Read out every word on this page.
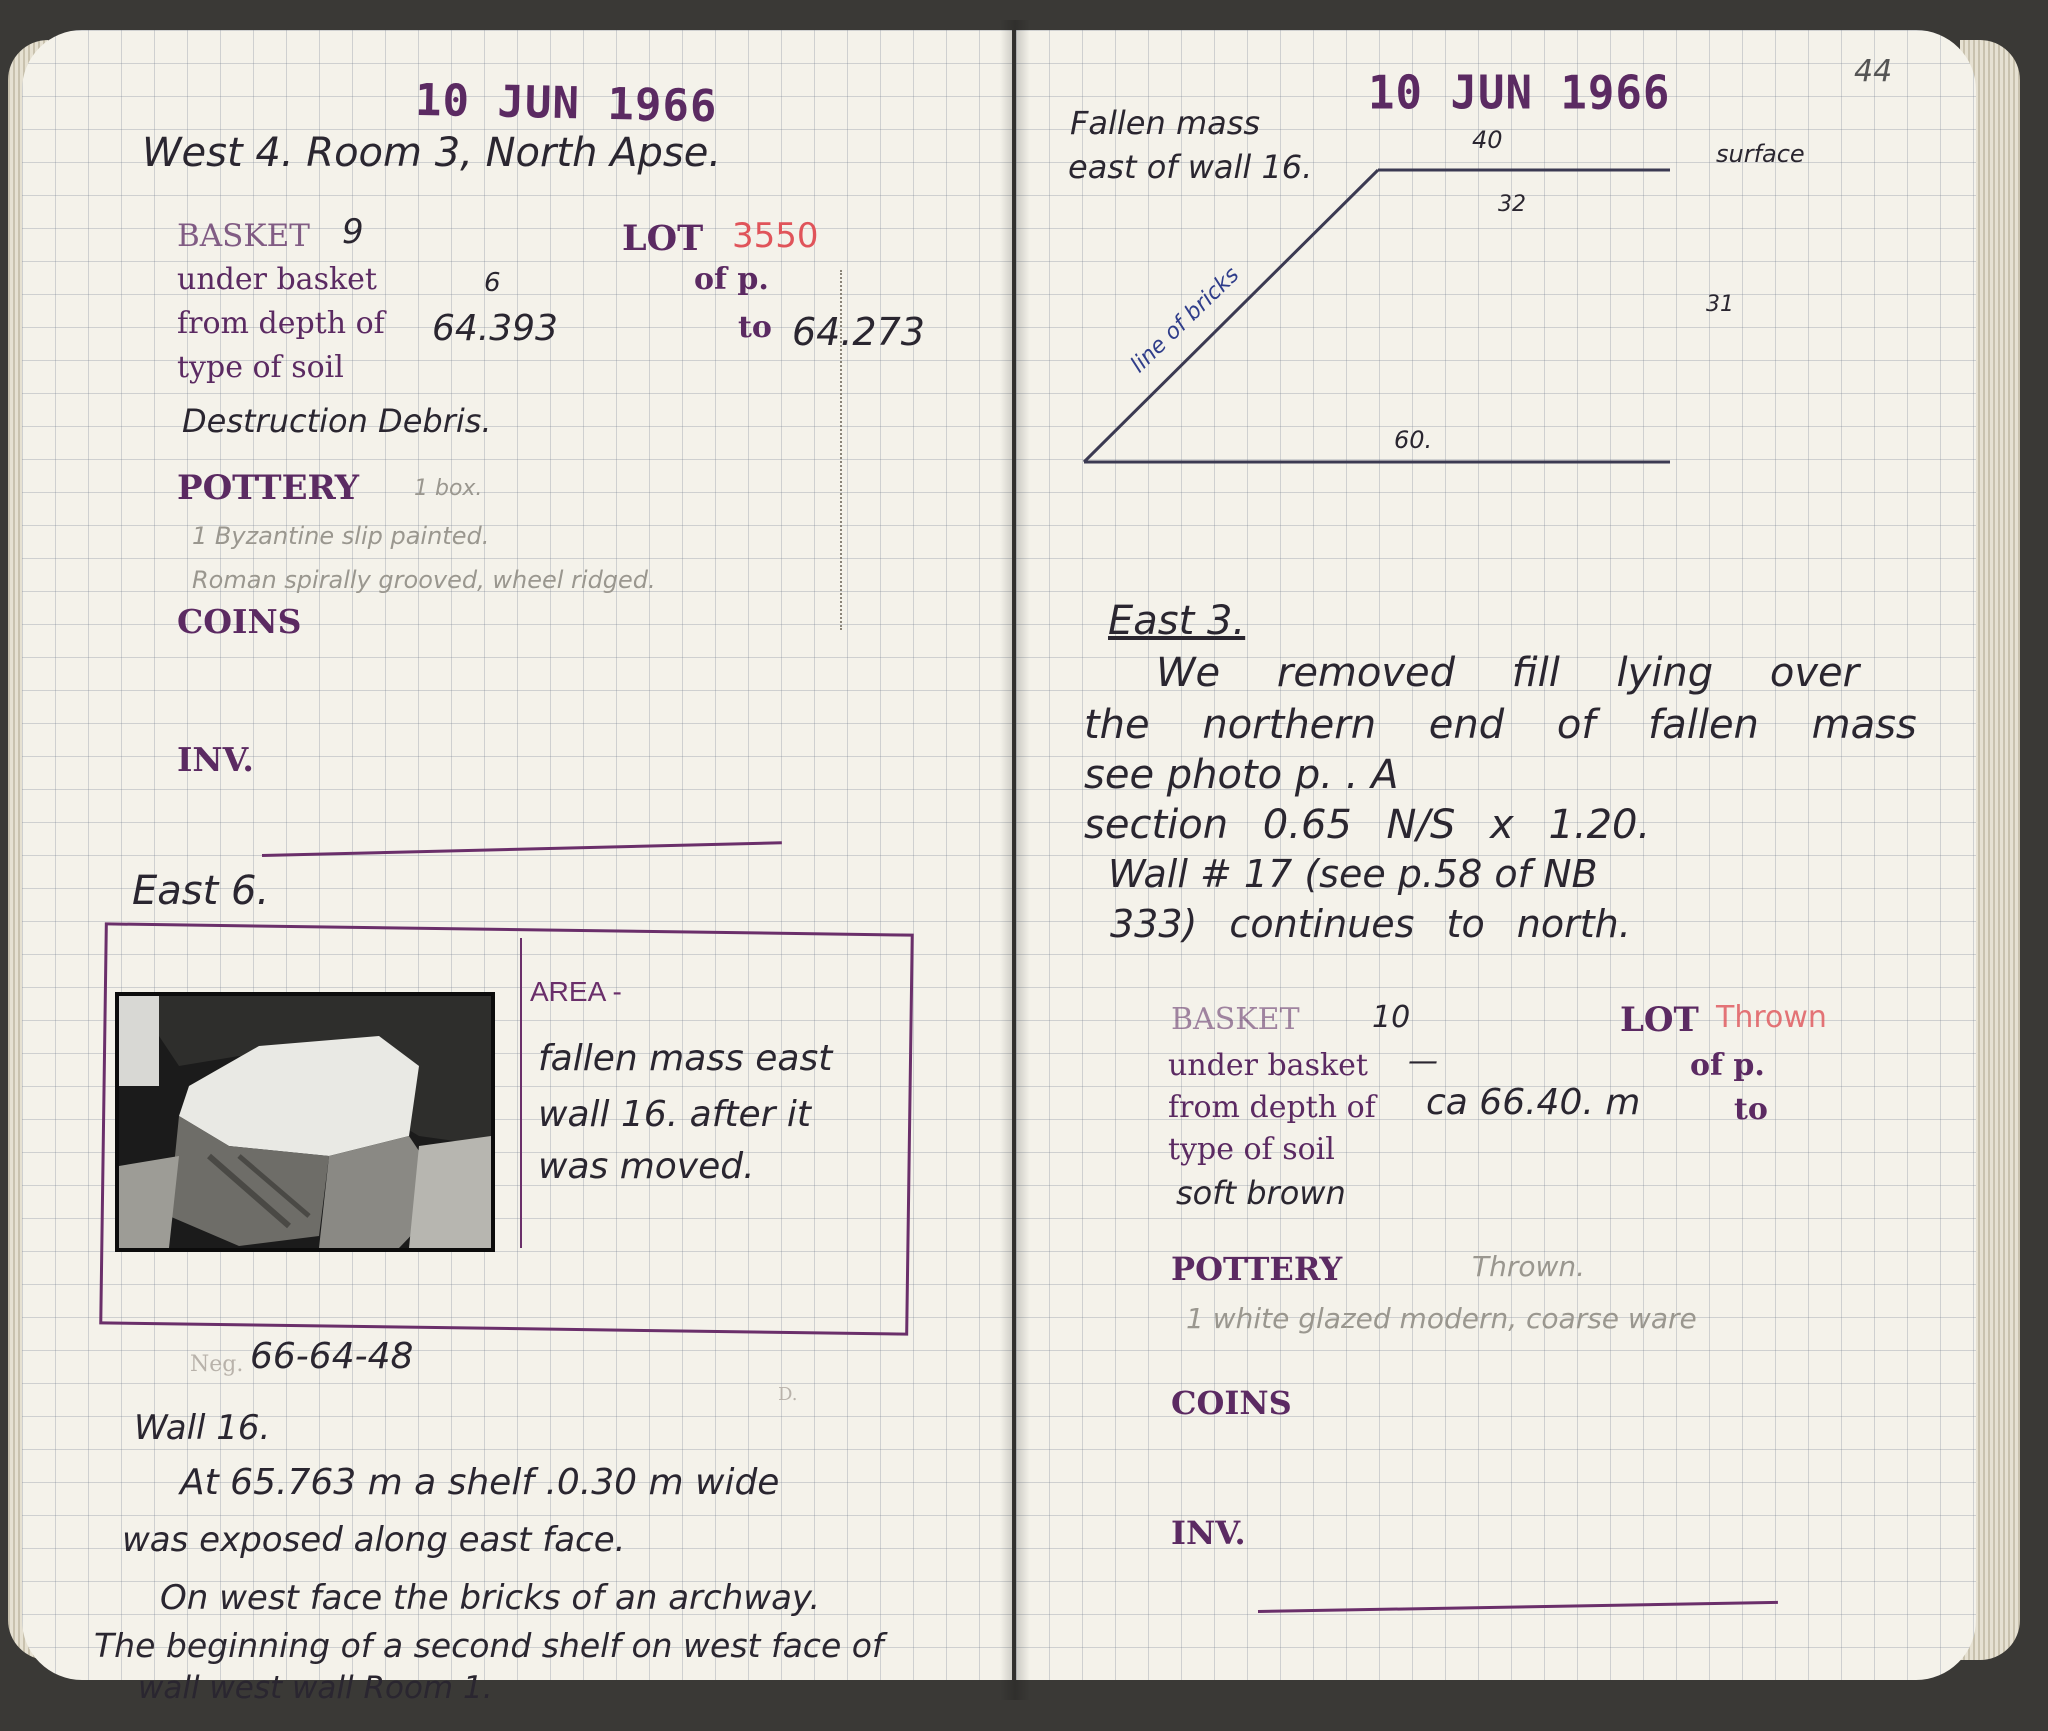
10 JUN 1966
West 4. Room 3, North Apse.
BASKET 9	LOT 3550
under basket	6	of p.
from depth of 64.393	to 64.273
type of soil
Destruction Debris.
POTTERY	1 box.
1 Byzantine slip painted.
Roman spirally grooved, wheel ridged.
COINS
INV.
East 6.
AREA -
fallen mass east
wall 16. after it
was moved.
Neg. 66-64-48
D.
Wall 16.
At 65.763 m a shelf .0.30 m wide
was exposed along east face.
On west face the bricks of an archway.
The beginning of a second shelf on west face of
wall west wall Room 1.
10 JUN 1966	44
Fallen mass
east of wall 16.
40	surface
32
31
line of bricks
60.
East 3.
We removed fill lying over
the northern end of fallen mass
see photo p. . A
section 0.65 N/S x 1.20.
Wall # 17 (see p.58 of NB
333) continues to north.
BASKET 10	LOT Thrown
under basket —	of p.
from depth of ca 66.40. m	to
type of soil
soft brown
POTTERY	Thrown.
1 white glazed modern, coarse ware
COINS
INV.
